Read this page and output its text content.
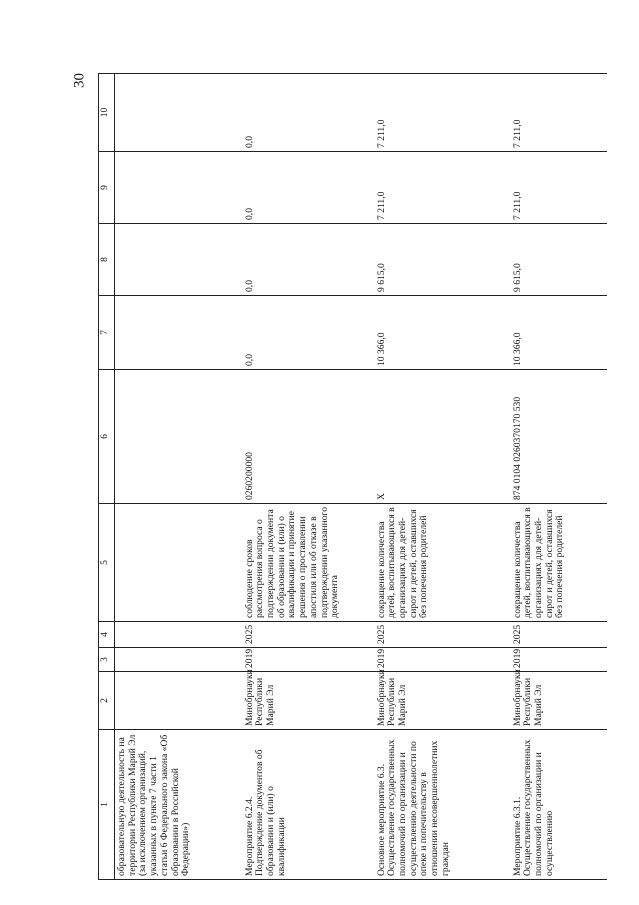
30
1	2	3	4	5	6	7	8	9	10
образовательную деятельность на территории Республики Марий Эл (за исключением организаций, указанных в пункте 7 части 1 статьи 6 Федерального закона «Об образовании в Российской Федерации»)									
Мероприятие 6.2.4. Подтверждение документов об образовании и (или) о квалификации	Минобрнауки Республики Марий Эл	2019	2025	соблюдение сроков рассмотрения вопроса о подтверждении документа об образовании и (или) о квалификации и принятие решения о проставлении апостиля или об отказе в подтверждении указанного документа	0260200000	0,0	0,0	0,0	0,0
Основное мероприятие 6.3. Осуществление государственных полномочий по организации и осуществлению деятельности по опеке и попечительству в отношении несовершеннолетних граждан	Минобрнауки Республики Марий Эл	2019	2025	сокращение количества детей, воспитывающихся в организациях для детей-сирот и детей, оставшихся без попечения родителей	Х	10 366,0	9 615,0	7 211,0	7 211,0
Мероприятие 6.3.1. Осуществление государственных полномочий по организации и осуществлению	Минобрнауки Республики Марий Эл	2019	2025	сокращение количества детей, воспитывающихся в организациях для детей-сирот и детей, оставшихся без попечения родителей	874 0104 0260370170 530	10 366,0	9 615,0	7 211,0	7 211,0
